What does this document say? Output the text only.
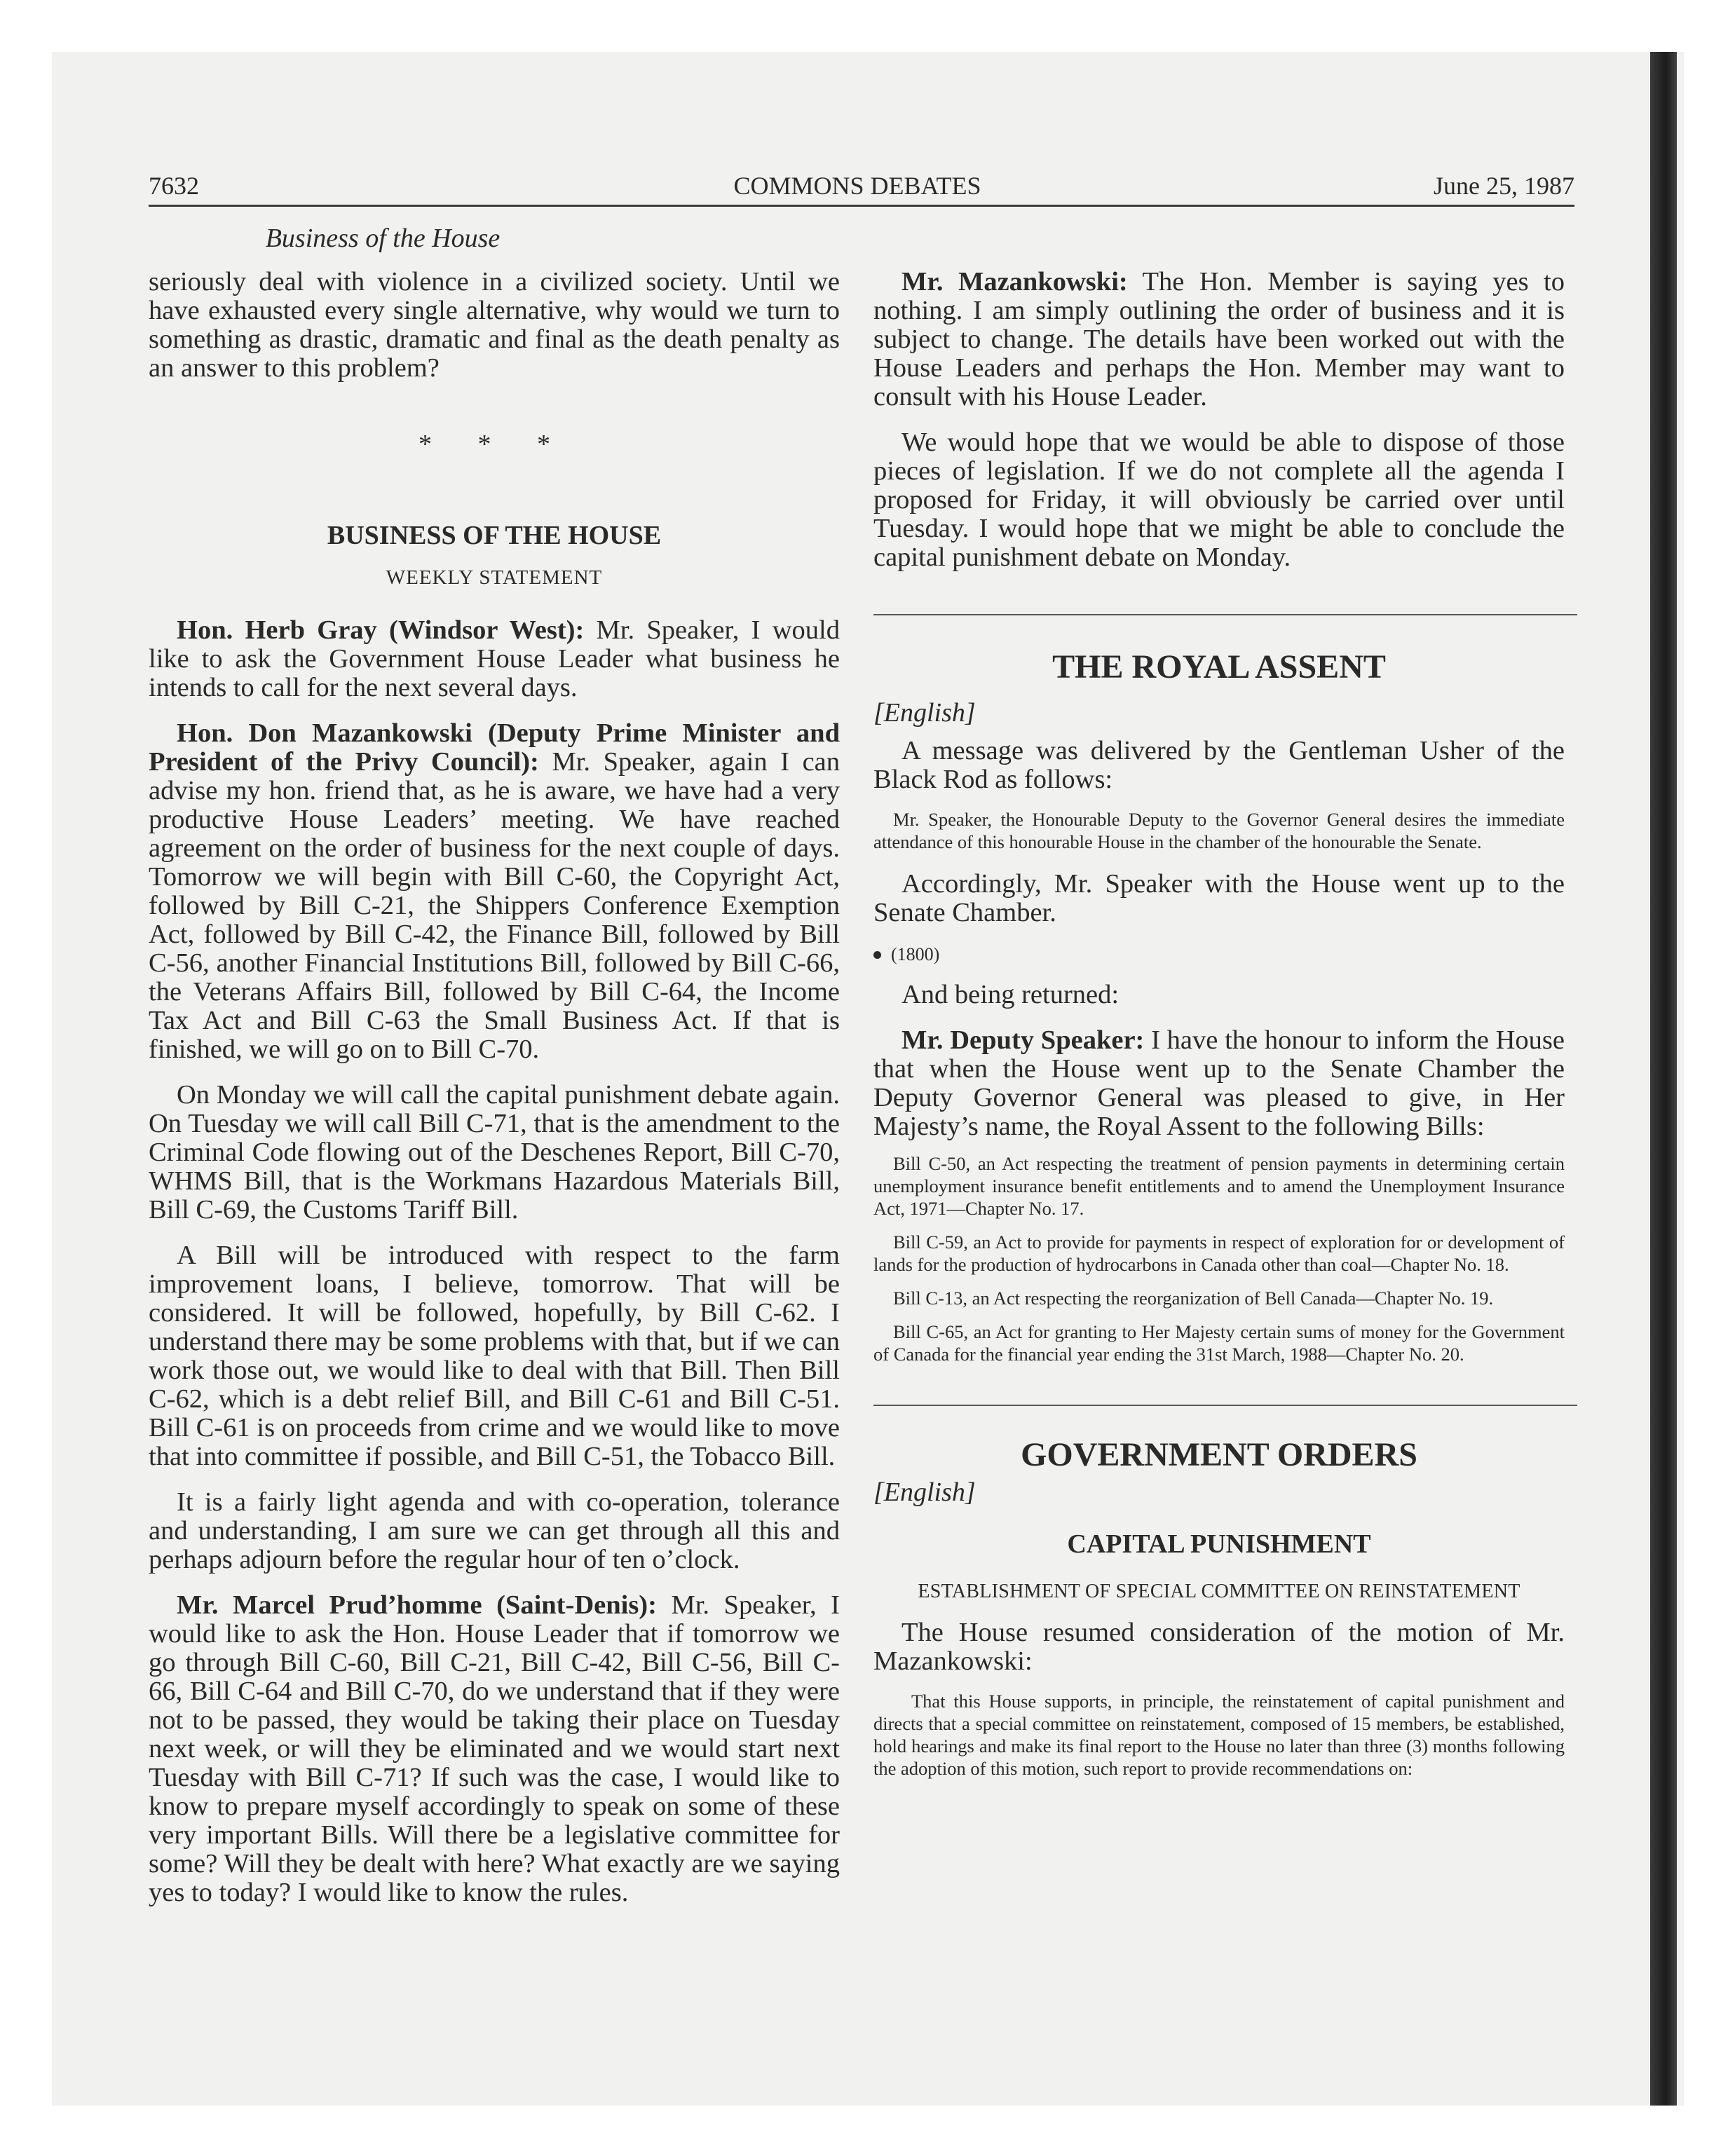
7632	COMMONS DEBATES	June 25, 1987
Business of the House

seriously deal with violence in a civilized society. Until we have exhausted every single alternative, why would we turn to something as drastic, dramatic and final as the death penalty as an answer to this problem?

* * *
BUSINESS OF THE HOUSE
WEEKLY STATEMENT

Hon. Herb Gray (Windsor West): Mr. Speaker, I would like to ask the Government House Leader what business he intends to call for the next several days.

Hon. Don Mazankowski (Deputy Prime Minister and President of the Privy Council): Mr. Speaker, again I can advise my hon. friend that, as he is aware, we have had a very productive House Leaders’ meeting. We have reached agreement on the order of business for the next couple of days. Tomorrow we will begin with Bill C-60, the Copyright Act, followed by Bill C-21, the Shippers Conference Exemption Act, followed by Bill C-42, the Finance Bill, followed by Bill C-56, another Financial Institutions Bill, followed by Bill C-66, the Veterans Affairs Bill, followed by Bill C-64, the Income Tax Act and Bill C-63 the Small Business Act. If that is finished, we will go on to Bill C-70.

On Monday we will call the capital punishment debate again. On Tuesday we will call Bill C-71, that is the amendment to the Criminal Code flowing out of the Deschenes Report, Bill C-70, WHMS Bill, that is the Workmans Hazardous Materials Bill, Bill C-69, the Customs Tariff Bill.

A Bill will be introduced with respect to the farm improvement loans, I believe, tomorrow. That will be considered. It will be followed, hopefully, by Bill C-62. I understand there may be some problems with that, but if we can work those out, we would like to deal with that Bill. Then Bill C-62, which is a debt relief Bill, and Bill C-61 and Bill C-51. Bill C-61 is on proceeds from crime and we would like to move that into committee if possible, and Bill C-51, the Tobacco Bill.

It is a fairly light agenda and with co-operation, tolerance and understanding, I am sure we can get through all this and perhaps adjourn before the regular hour of ten o’clock.

Mr. Marcel Prud’homme (Saint-Denis): Mr. Speaker, I would like to ask the Hon. House Leader that if tomorrow we go through Bill C-60, Bill C-21, Bill C-42, Bill C-56, Bill C-66, Bill C-64 and Bill C-70, do we understand that if they were not to be passed, they would be taking their place on Tuesday next week, or will they be eliminated and we would start next Tuesday with Bill C-71? If such was the case, I would like to know to prepare myself accordingly to speak on some of these very important Bills. Will there be a legislative committee for some? Will they be dealt with here? What exactly are we saying yes to today? I would like to know the rules.

Mr. Mazankowski: The Hon. Member is saying yes to nothing. I am simply outlining the order of business and it is subject to change. The details have been worked out with the House Leaders and perhaps the Hon. Member may want to consult with his House Leader.

We would hope that we would be able to dispose of those pieces of legislation. If we do not complete all the agenda I proposed for Friday, it will obviously be carried over until Tuesday. I would hope that we might be able to conclude the capital punishment debate on Monday.

THE ROYAL ASSENT
[English]

A message was delivered by the Gentleman Usher of the Black Rod as follows:

Mr. Speaker, the Honourable Deputy to the Governor General desires the immediate attendance of this honourable House in the chamber of the honourable the Senate.

Accordingly, Mr. Speaker with the House went up to the Senate Chamber.

(1800)

And being returned:

Mr. Deputy Speaker: I have the honour to inform the House that when the House went up to the Senate Chamber the Deputy Governor General was pleased to give, in Her Majesty’s name, the Royal Assent to the following Bills:

Bill C-50, an Act respecting the treatment of pension payments in determining certain unemployment insurance benefit entitlements and to amend the Unemployment Insurance Act, 1971—Chapter No. 17.
Bill C-59, an Act to provide for payments in respect of exploration for or development of lands for the production of hydrocarbons in Canada other than coal—Chapter No. 18.
Bill C-13, an Act respecting the reorganization of Bell Canada—Chapter No. 19.
Bill C-65, an Act for granting to Her Majesty certain sums of money for the Government of Canada for the financial year ending the 31st March, 1988—Chapter No. 20.
GOVERNMENT ORDERS
[English]
CAPITAL PUNISHMENT
ESTABLISHMENT OF SPECIAL COMMITTEE ON REINSTATEMENT

The House resumed consideration of the motion of Mr. Mazankowski:

That this House supports, in principle, the reinstatement of capital punishment and directs that a special committee on reinstatement, composed of 15 members, be established, hold hearings and make its final report to the House no later than three (3) months following the adoption of this motion, such report to provide recommendations on:
